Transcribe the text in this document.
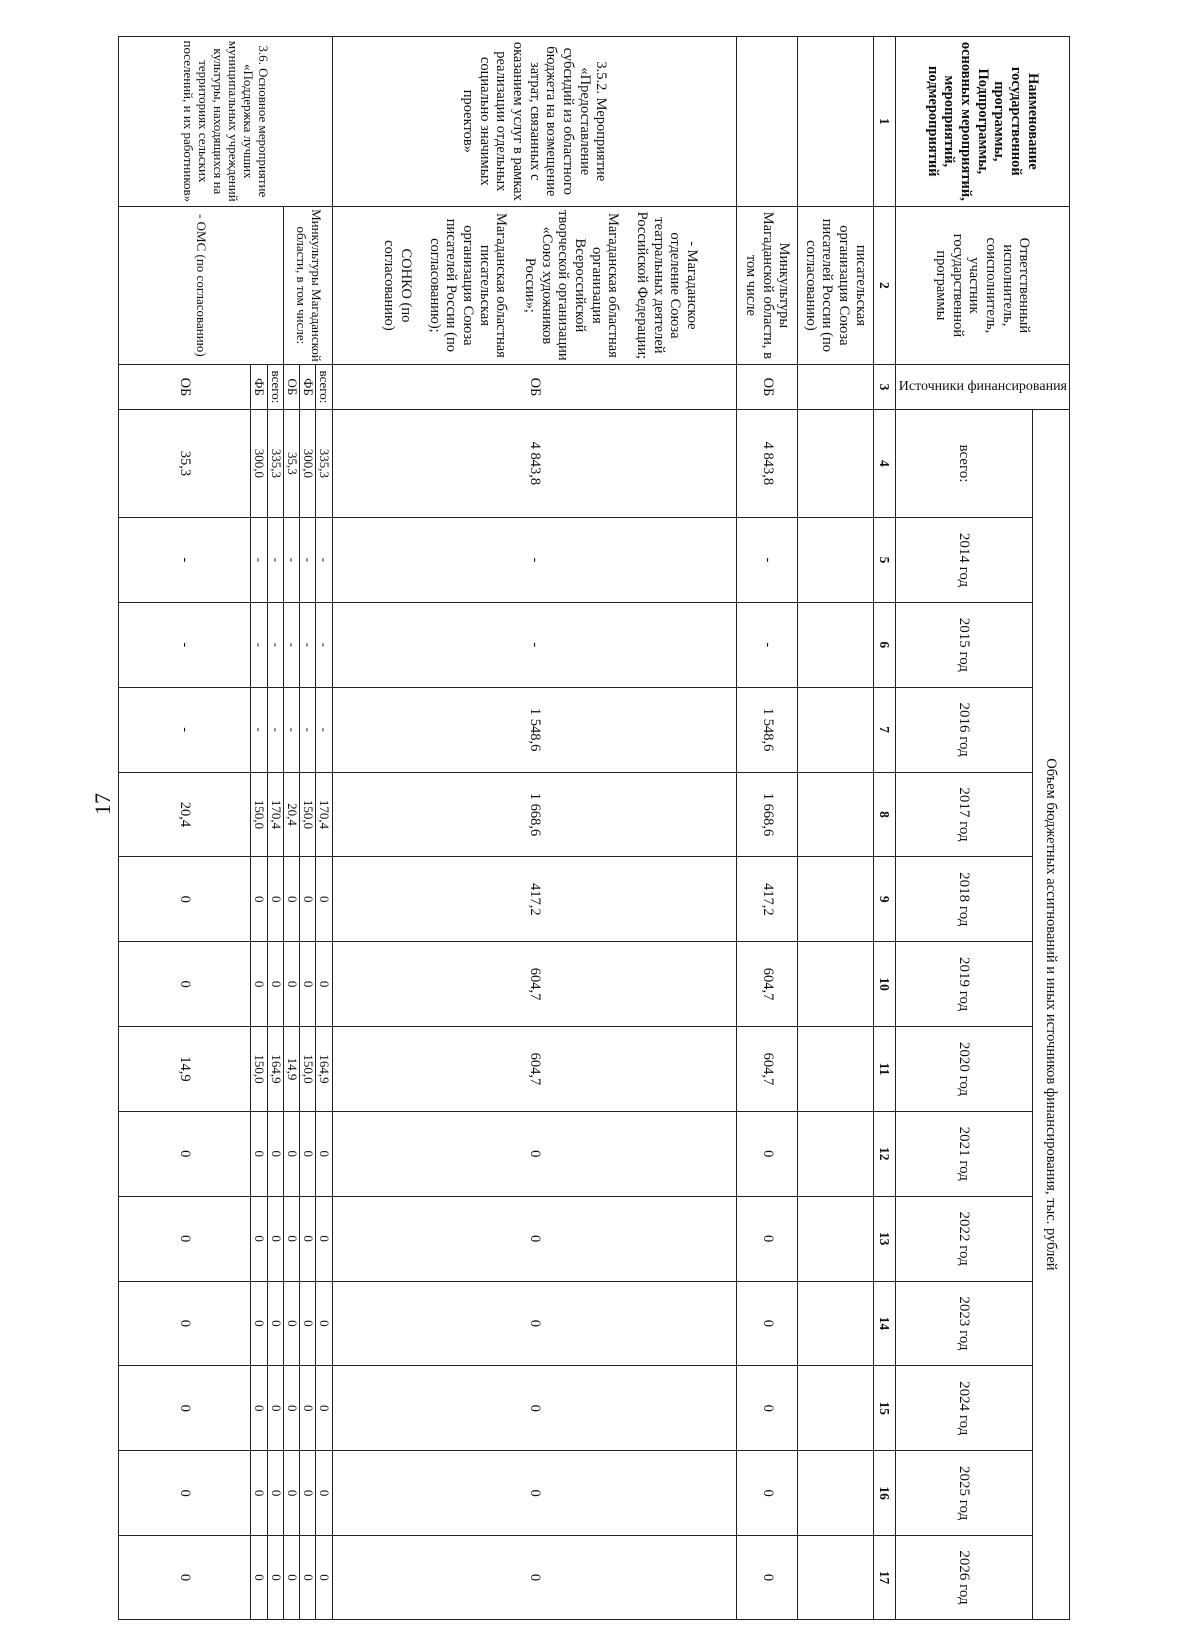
17
Наименование государственной программы, Подпрограммы, основных мероприятий, мероприятий, подмероприятий	Ответственный исполнитель, соисполнитель, участник государственной программы	Источники финансирования	Объем бюджетных ассигнований и иных источников финансирования, тыс. рублей													
			всего:	2014 год	2015 год	2016 год	2017 год	2018 год	2019 год	2020 год	2021 год	2022 год	2023 год	2024 год	2025 год	2026 год
1	2	3	4	5	6	7	8	9	10	11	12	13	14	15	16	17
	писательская организация Союза писателей России (по согласованию)															
	Минкультуры Магаданской области, в том числе	ОБ	4 843,8	-	-	1 548,6	1 668,6	417,2	604,7	604,7	0	0	0	0	0	0
3.5.2. Мероприятие «Предоставление субсидий из областного бюджета на возмещение затрат, связанных с оказанием услуг в рамках реализации отдельных социально значимых проектов»	- Магаданское отделение Союза театральных деятелей Российской Федерации;
Магаданская областная организация Всероссийской творческой организации «Союз художников России»;
Магаданская областная писательская организация Союза писателей России (по согласованию);
СОНКО (по согласованию)	ОБ	4 843,8	-	-	1 548,6	1 668,6	417,2	604,7	604,7	0	0	0	0	0	0
3.6. Основное мероприятие «Поддержка лучших муниципальных учреждений культуры, находящихся на территориях сельских поселений, и их работников»	Минкультуры Магаданской области, в том числе:	всего:	335,3	-	-	-	170,4	0	0	164,9	0	0	0	0	0	0
		ФБ	300,0	-	-	-	150,0	0	0	150,0	0	0	0	0	0	0
		ОБ	35,3	-	-	-	20,4	0	0	14,9	0	0	0	0	0	0
	- ОМС (по согласованию)	всего:	335,3	-	-	-	170,4	0	0	164,9	0	0	0	0	0	0
		ФБ	300,0	-	-	-	150,0	0	0	150,0	0	0	0	0	0	0
		ОБ	35,3	-	-	-	20,4	0	0	14,9	0	0	0	0	0	0
